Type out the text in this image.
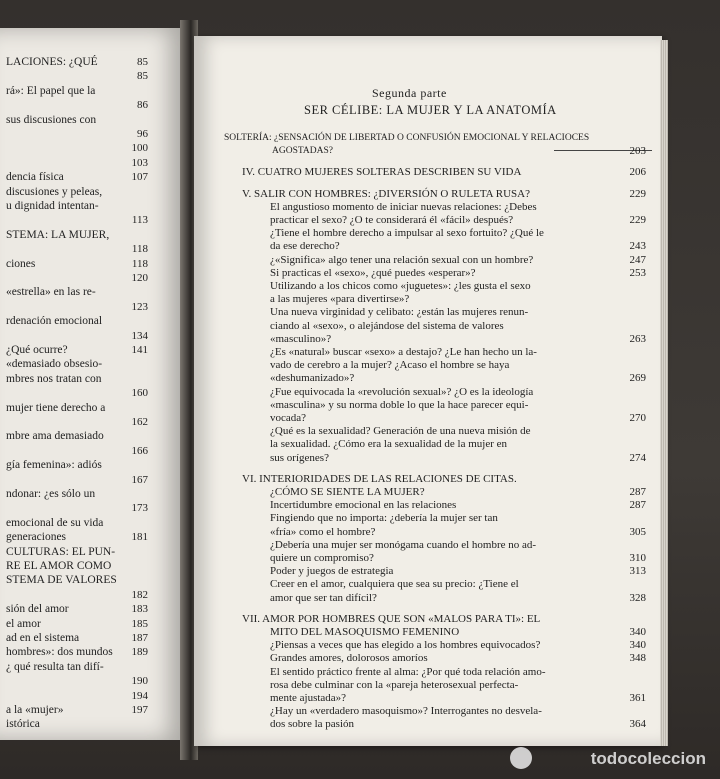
LACIONES: ¿QUÉ	85
85
rá»: El papel que la
86
sus discusiones con
96
100
103
dencia física	107
discusiones y peleas,
u dignidad intentan-
113
STEMA: LA MUJER,
118
ciones	118
120
«estrella» en las re-
123
rdenación emocional
134
¿Qué ocurre?	141
«demasiado obsesio-
mbres nos tratan con
160
mujer tiene derecho a
162
mbre ama demasiado
166
gía femenina»: adiós
167
ndonar: ¿es sólo un
173
emocional de su vida
generaciones	181
CULTURAS: EL PUN-
RE EL AMOR COMO
STEMA DE VALORES
182
sión del amor	183
el amor	185
ad en el sistema	187
hombres»: dos mundos	189
¿ qué resulta tan difí-
190
194
a la «mujer»	197
istórica
Segunda parte
SER CÉLIBE: LA MUJER Y LA ANATOMÍA
SOLTERÍA: ¿SENSACIÓN DE LIBERTAD O CONFUSIÓN EMOCIONAL Y RELACIOCES
AGOSTADAS?	203
IV. CUATRO MUJERES SOLTERAS DESCRIBEN SU VIDA	206
V. SALIR CON HOMBRES: ¿DIVERSIÓN O RULETA RUSA?	229
El angustioso momento de iniciar nuevas relaciones: ¿Debes
practicar el sexo? ¿O te considerará él «fácil» después?	229
¿Tiene el hombre derecho a impulsar al sexo fortuito? ¿Qué le
da ese derecho?	243
¿«Significa» algo tener una relación sexual con un hombre?	247
Si practicas el «sexo», ¿qué puedes «esperar»?	253
Utilizando a los chicos como «juguetes»: ¿les gusta el sexo
a las mujeres «para divertirse»?
Una nueva virginidad y celibato: ¿están las mujeres renun-
ciando al «sexo», o alejándose del sistema de valores
«masculino»?	263
¿Es «natural» buscar «sexo» a destajo? ¿Le han hecho un la-
vado de cerebro a la mujer? ¿Acaso el hombre se haya
«deshumanizado»?	269
¿Fue equivocada la «revolución sexual»? ¿O es la ideología
«masculina» y su norma doble lo que la hace parecer equi-
vocada?	270
¿Qué es la sexualidad? Generación de una nueva misión de
la sexualidad. ¿Cómo era la sexualidad de la mujer en
sus orígenes?	274
VI. INTERIORIDADES DE LAS RELACIONES DE CITAS.
¿CÓMO SE SIENTE LA MUJER?	287
Incertidumbre emocional en las relaciones	287
Fingiendo que no importa: ¿debería la mujer ser tan
«fría» como el hombre?	305
¿Debería una mujer ser monógama cuando el hombre no ad-
quiere un compromiso?	310
Poder y juegos de estrategia	313
Creer en el amor, cualquiera que sea su precio: ¿Tiene el
amor que ser tan difícil?	328
VII. AMOR POR HOMBRES QUE SON «MALOS PARA TI»: EL
MITO DEL MASOQUISMO FEMENINO	340
¿Piensas a veces que has elegido a los hombres equivocados?	340
Grandes amores, dolorosos amoríos	348
El sentido práctico frente al alma: ¿Por qué toda relación amo-
rosa debe culminar con la «pareja heterosexual perfecta-
mente ajustada»?	361
¿Hay un «verdadero masoquismo»? Interrogantes no desvela-
dos sobre la pasión	364
todocoleccion
